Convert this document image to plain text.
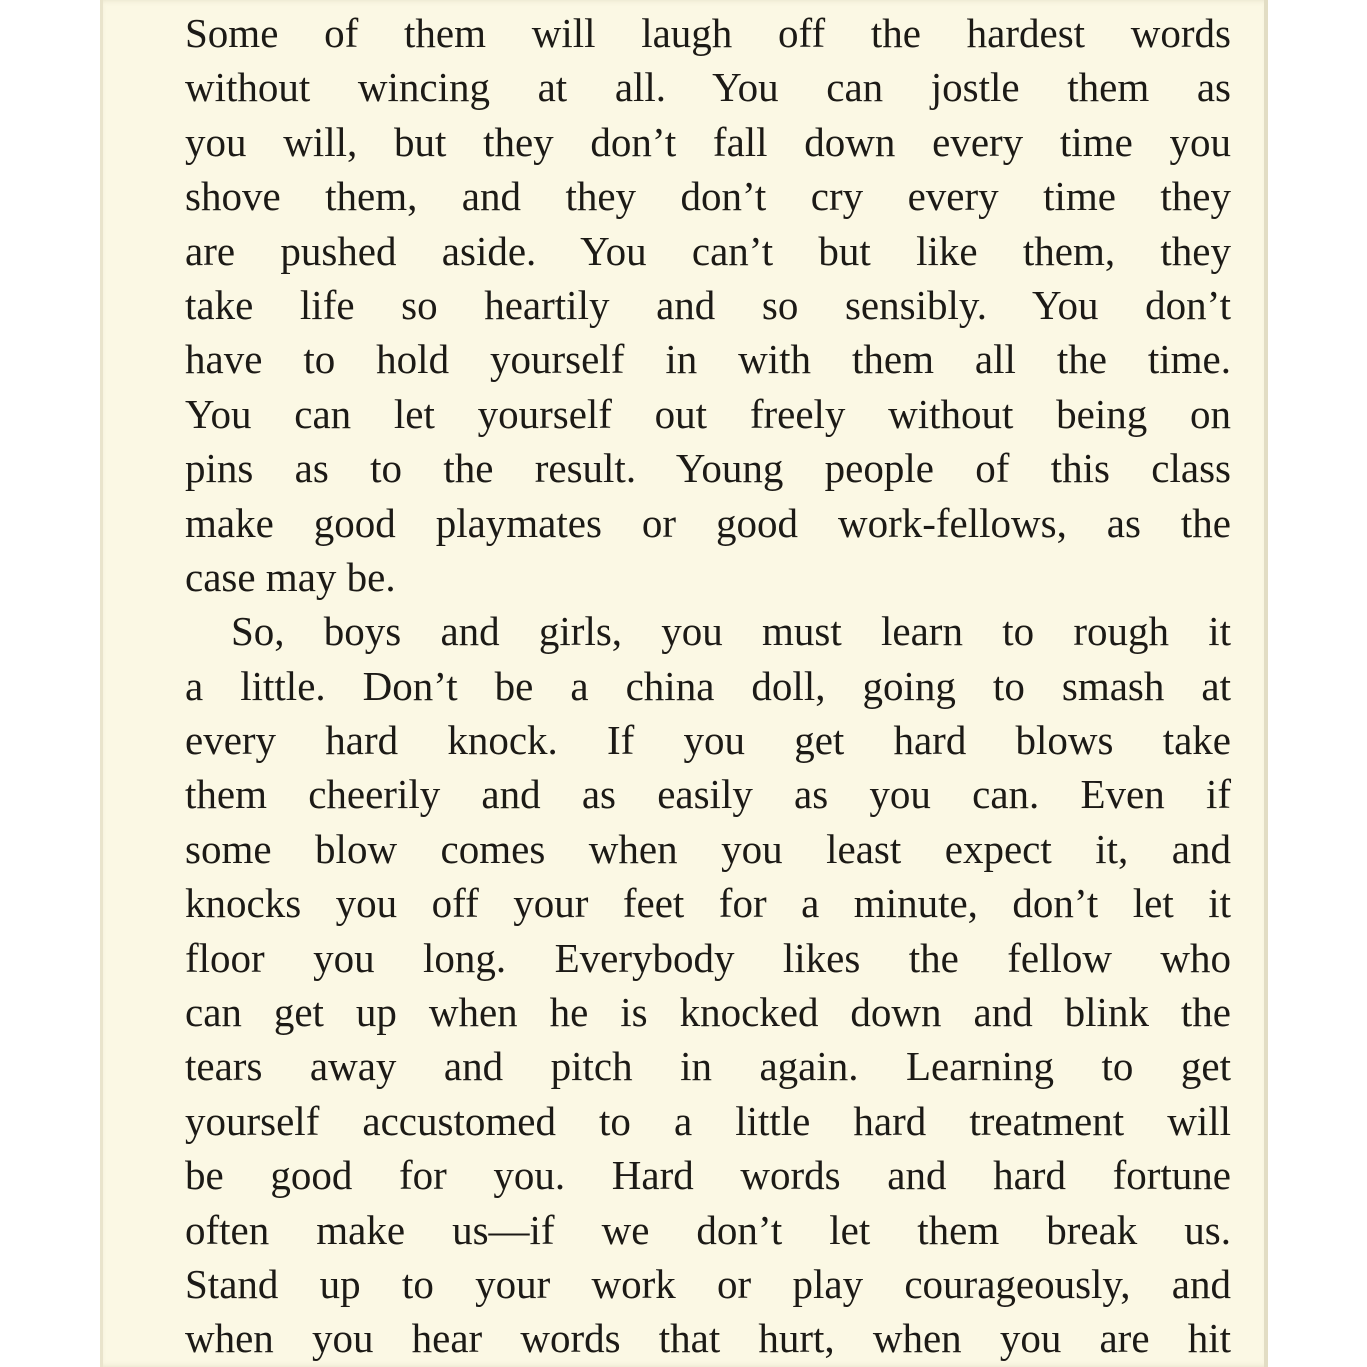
Some of them will laugh off the hardest words
without wincing at all. You can jostle them as
you will, but they don’t fall down every time you
shove them, and they don’t cry every time they
are pushed aside. You can’t but like them, they
take life so heartily and so sensibly. You don’t
have to hold yourself in with them all the time.
You can let yourself out freely without being on
pins as to the result. Young people of this class
make good playmates or good work-fellows, as the
case may be.
So, boys and girls, you must learn to rough it
a little. Don’t be a china doll, going to smash at
every hard knock. If you get hard blows take
them cheerily and as easily as you can. Even if
some blow comes when you least expect it, and
knocks you off your feet for a minute, don’t let it
floor you long. Everybody likes the fellow who
can get up when he is knocked down and blink the
tears away and pitch in again. Learning to get
yourself accustomed to a little hard treatment will
be good for you. Hard words and hard fortune
often make us—if we don’t let them break us.
Stand up to your work or play courageously, and
when you hear words that hurt, when you are hit
